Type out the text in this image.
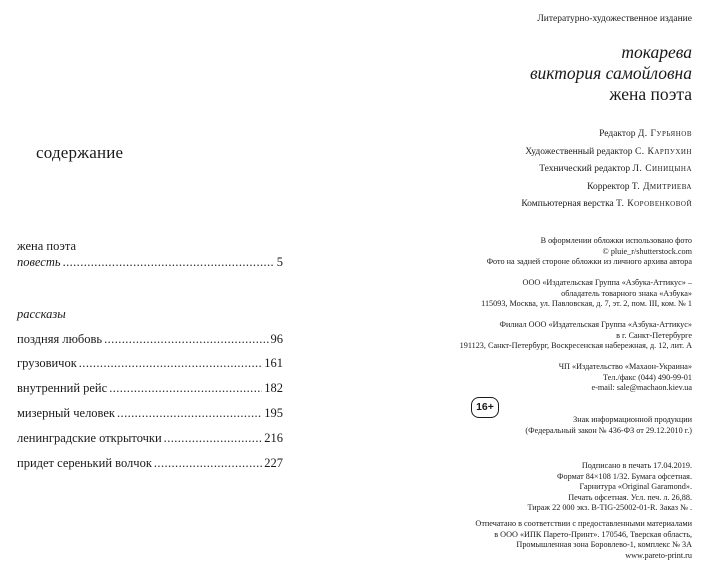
содержание
жена поэта
повесть .....	5
рассказы
поздняя любовь .....	96
грузовичок .....	161
внутренний рейс .....	182
мизерный человек .....	195
ленинградские открыточки .....	216
придет серенький волчок .....	227
Литературно-художественное издание
токарева
виктория самойловна
жена поэта
Редактор Д. Гурьянов
Художественный редактор С. Карпухин
Технический редактор Л. Синицына
Корректор Т. Дмитриева
Компьютерная верстка Т. Коровенковой
В оформлении обложки использовано фото
© pluie_r/shutterstock.com
Фото на задней стороне обложки из личного архива автора
ООО «Издательская Группа «Азбука-Аттикус» –
обладатель товарного знака «Азбука»
115093, Москва, ул. Павловская, д. 7, эт. 2, пом. III, ком. № 1
Филиал ООО «Издательская Группа «Азбука-Аттикус»
в г. Санкт-Петербурге
191123, Санкт-Петербург, Воскресенская набережная, д. 12, лит. А
ЧП «Издательство «Махаон-Украина»
Тел./факс (044) 490-99-01
e-mail: sale@machaon.kiev.ua
16+
Знак информационной продукции
(Федеральный закон № 436-ФЗ от 29.12.2010 г.)
Подписано в печать 17.04.2019.
Формат 84×108 1/32. Бумага офсетная.
Гарнитура «Original Garamond».
Печать офсетная. Усл. печ. л. 26,88.
Тираж 22 000 экз. B-TIG-25002-01-R. Заказ № .
Отпечатано в соответствии с предоставленными материалами
в ООО «ИПК Парето-Принт». 170546, Тверская область,
Промышленная зона Боровлево-1, комплекс № 3А
www.pareto-print.ru
